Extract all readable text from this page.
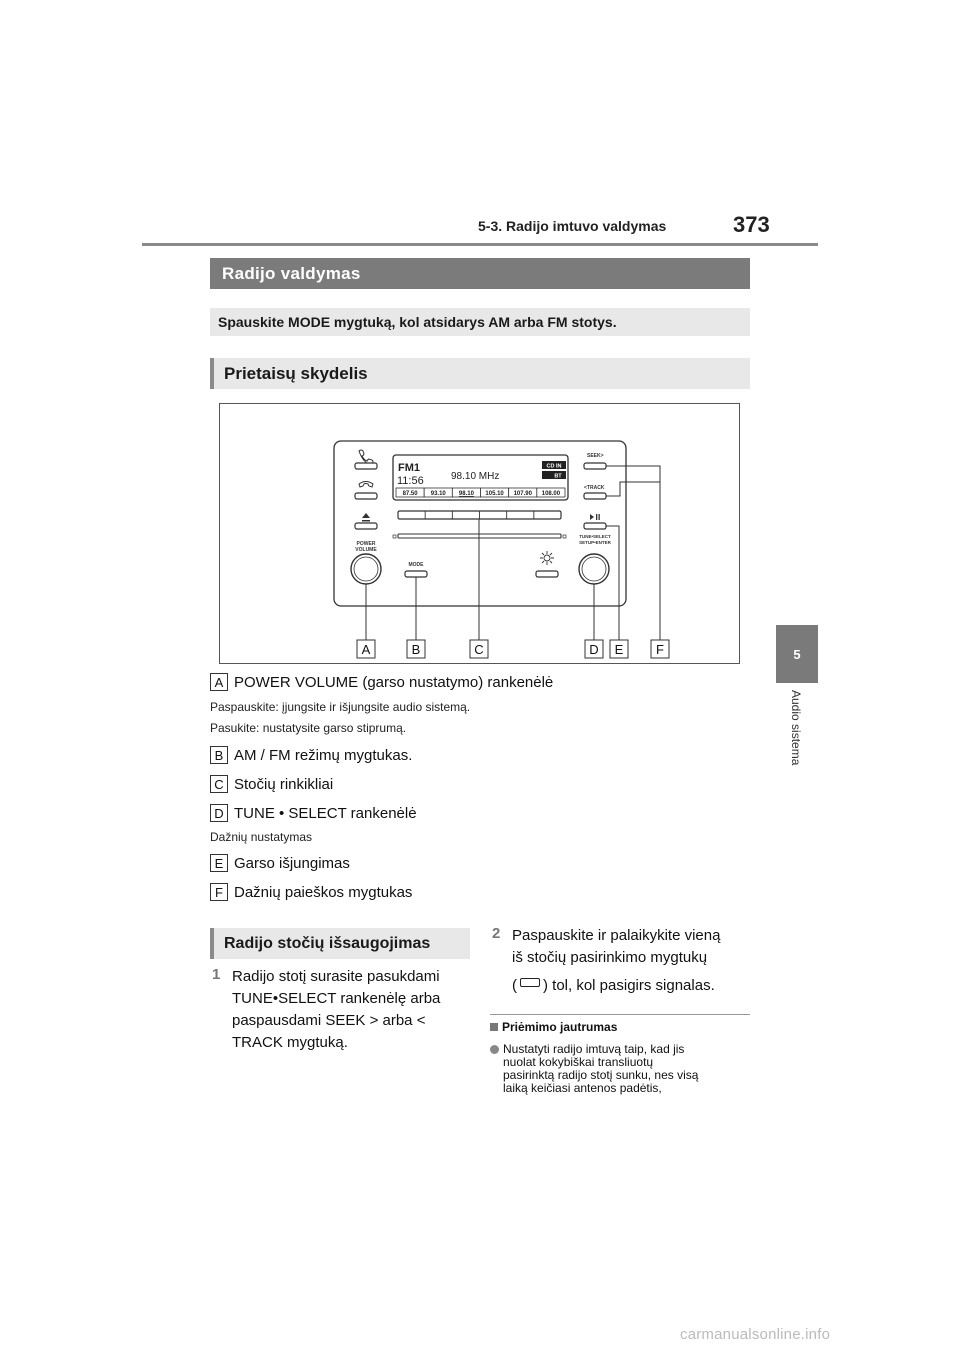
5-3. Radijo imtuvo valdymas	373
5
Audio sistema
Radijo valdymas
Spauskite MODE mygtuką, kol atsidarys AM arba FM stotys.
Prietaisų skydelis
POWER
VOLUME
FM1
11:56	98.10 MHz
CD IN
BT
87.50 93.10 98.10 105.10 107.90 108.00
MODE
SEEK>
<TRACK
TUNE•SELECT
SETUP•ENTER
A	B	C	D E	F
A POWER VOLUME (garso nustatymo) rankenėlė
Paspauskite: įjungsite ir išjungsite audio sistemą.
Pasukite: nustatysite garso stiprumą.
B AM / FM režimų mygtukas.
C Stočių rinkikliai
D TUNE • SELECT rankenėlė
Dažnių nustatymas
E Garso išjungimas
F Dažnių paieškos mygtukas
Radijo stočių išsaugojimas
1 Radijo stotį surasite pasukdami
TUNE•SELECT rankenėlę arba
paspausdami SEEK > arba <
TRACK mygtuką.
2 Paspauskite ir palaikykite vieną
iš stočių pasirinkimo mygtukų
( ) tol, kol pasigirs signalas.
Priėmimo jautrumas
Nustatyti radijo imtuvą taip, kad jis
nuolat kokybiškai transliuotų
pasirinktą radijo stotį sunku, nes visą
laiką keičiasi antenos padėtis,
carmanualsonline.info
